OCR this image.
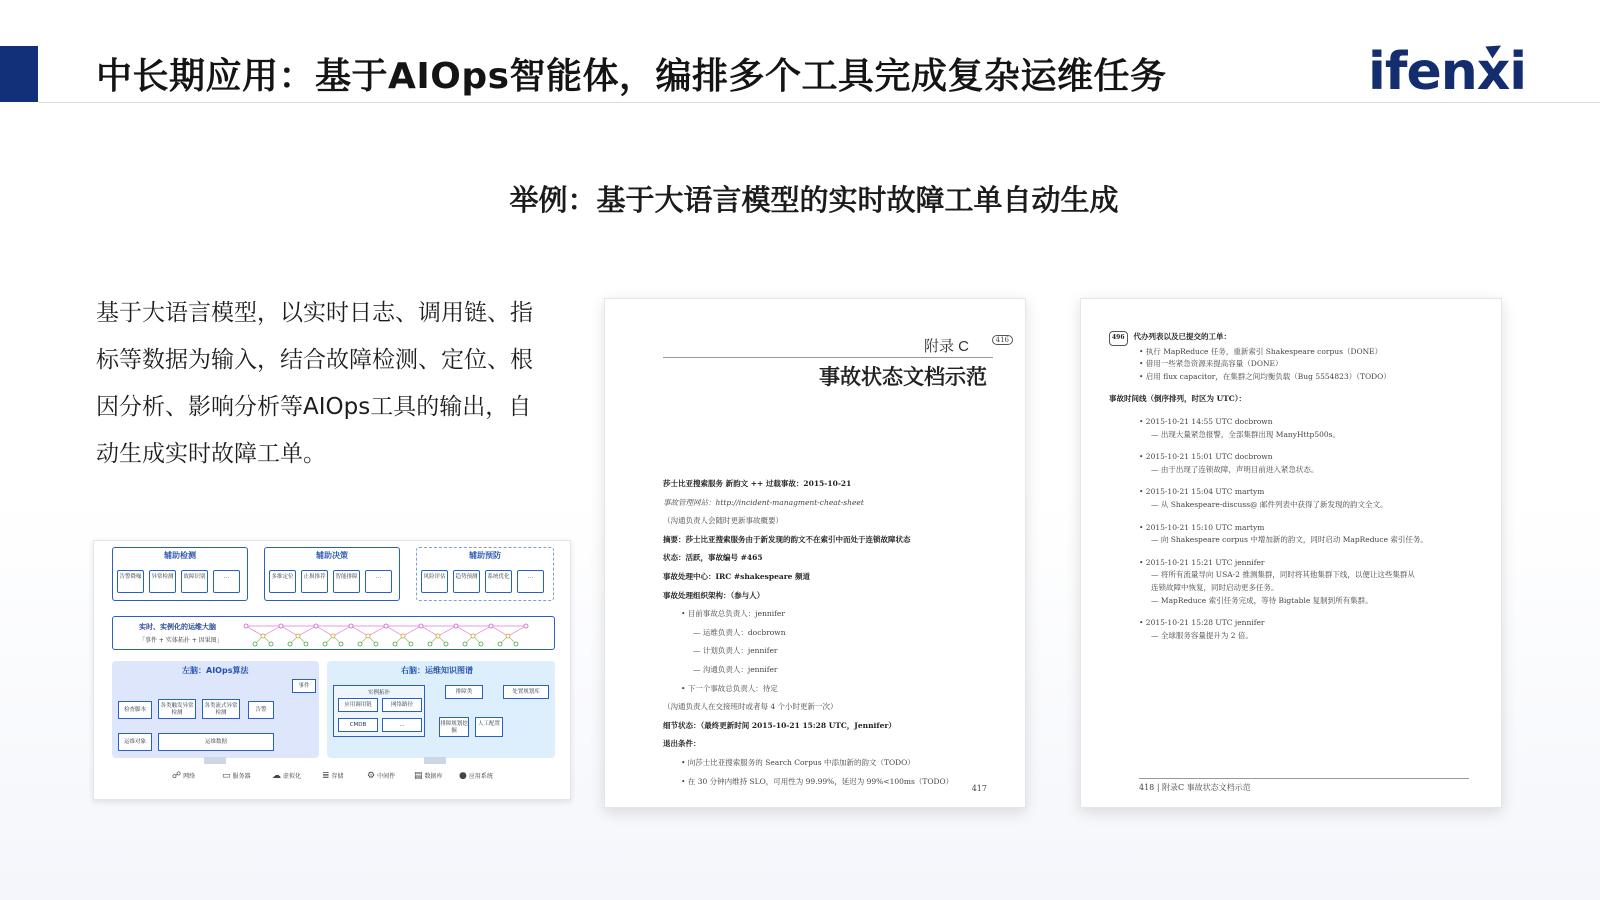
中长期应用：基于AIOps智能体，编排多个工具完成复杂运维任务	ifenxi
举例：基于大语言模型的实时故障工单自动生成
基于大语言模型，以实时日志、调用链、指标等数据为输入，结合故障检测、定位、根因分析、影响分析等AIOps工具的输出，自动生成实时故障工单。
辅助检测
告警降噪	异常检测	故障识别	...
辅助决策
多维定位	止损推荐	智能排障	...
辅助预防
风险评估	趋势预测	系统优化	...
实时、实例化的运维大脑
「事件 + 实体拓扑 + 因果图」
左脑：AIOps算法
事件
检查脚本
各类触发异常检测
各类流式异常检测	告警
运维对象	运维数据
右脑：运维知识图谱
实例拓扑
应用调用链	网络路径
CMDB	...
排障类	处置规划库
排障规划挖掘
人工配置
☍ 网络	▭ 服务器 ☁ 虚拟化 ≣ 存储	⚙ 中间件 ▤ 数据库 ● 应用系统
附录 C	416
事故状态文档示范
莎士比亚搜索服务 新韵文 ++ 过载事故：2015-10-21
事故管理网站：http://incident-managment-cheat-sheet
（沟通负责人会随时更新事故概要）
摘要：莎士比亚搜索服务由于新发现的韵文不在索引中而处于连锁故障状态
状态：活跃，事故编号 #465
事故处理中心：IRC #shakespeare 频道
事故处理组织架构：（参与人）
• 目前事故总负责人：jennifer
— 运维负责人：docbrown
— 计划负责人：jennifer
— 沟通负责人：jennifer
• 下一个事故总负责人：待定
（沟通负责人在交接班时或者每 4 个小时更新一次）
细节状态：（最终更新时间 2015-10-21 15:28 UTC，Jennifer）
退出条件：
• 向莎士比亚搜索服务的 Search Corpus 中添加新的韵文（TODO）
• 在 30 分钟内维持 SLO，可用性为 99.99%，延迟为 99%<100ms（TODO）
417
496 代办列表以及已提交的工单：
• 执行 MapReduce 任务，重新索引 Shakespeare corpus（DONE）
• 借用一些紧急资源来提高容量（DONE）
• 启用 flux capacitor，在集群之间均衡负载（Bug 5554823）（TODO）
事故时间线（倒序排列，时区为 UTC）：
• 2015-10-21 14:55 UTC docbrown
— 出现大量紧急报警，全部集群出现 ManyHttp500s。
• 2015-10-21 15:01 UTC docbrown
— 由于出现了连锁故障，声明目前进入紧急状态。
• 2015-10-21 15:04 UTC martym
— 从 Shakespeare-discuss@ 邮件列表中获得了新发现的韵文全文。
• 2015-10-21 15:10 UTC martym
— 向 Shakespeare corpus 中增加新的韵文，同时启动 MapReduce 索引任务。
• 2015-10-21 15:21 UTC jennifer
— 将所有流量导向 USA-2 推测集群，同时将其他集群下线，以便让这些集群从
连锁故障中恢复，同时启动更多任务。
— MapReduce 索引任务完成，等待 Bigtable 复制到所有集群。
• 2015-10-21 15:28 UTC jennifer
— 全球服务容量提升为 2 倍。
418 | 附录C 事故状态文档示范
